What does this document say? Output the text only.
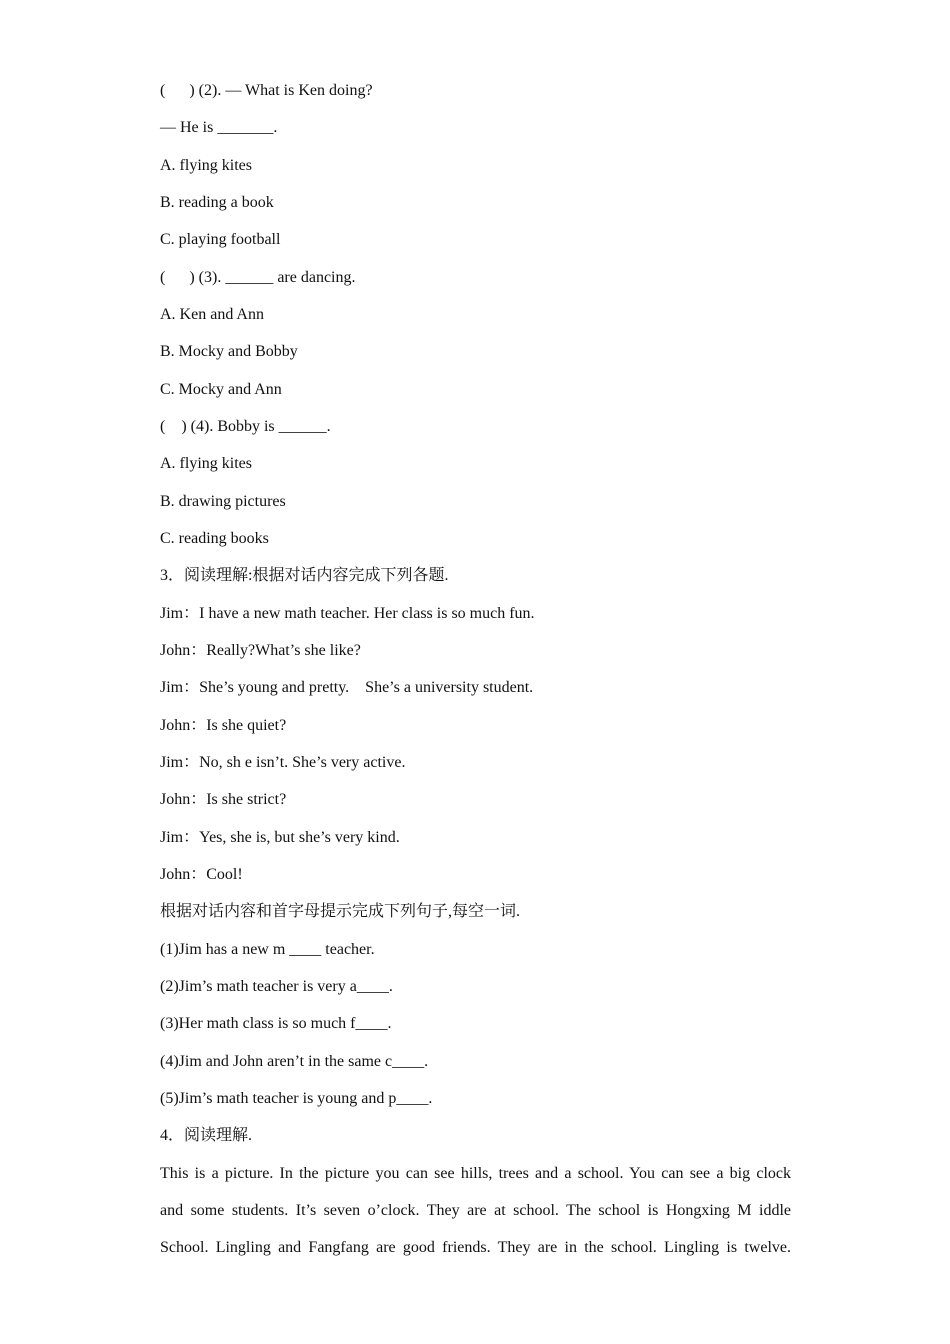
(      ) (2). — What is Ken doing?
— He is _______.
A. flying kites
B. reading a book
C. playing football
(      ) (3). ______ are dancing.
A. Ken and Ann
B. Mocky and Bobby
C. Mocky and Ann
(    ) (4). Bobby is ______.
A. flying kites
B. drawing pictures
C. reading books
3．阅读理解:根据对话内容完成下列各题.
Jim：I have a new math teacher. Her class is so much fun.
John：Really?What’s she like?
Jim：She’s young and pretty.    She’s a university student.
John：Is she quiet?
Jim：No, sh e isn’t. She’s very active.
John：Is she strict?
Jim：Yes, she is, but she’s very kind.
John：Cool!
根据对话内容和首字母提示完成下列句子,每空一词.
(1)Jim has a new m ____ teacher.
(2)Jim’s math teacher is very a____.
(3)Her math class is so much f____.
(4)Jim and John aren’t in the same c____.
(5)Jim’s math teacher is young and p____.
4．阅读理解.
This is a picture. In the picture you can see hills, trees and a school. You can see a big clock
and some students. It’s seven o’clock. They are at school. The school is Hongxing M iddle
School. Lingling and Fangfang are good friends. They are in the school. Lingling is twelve.
